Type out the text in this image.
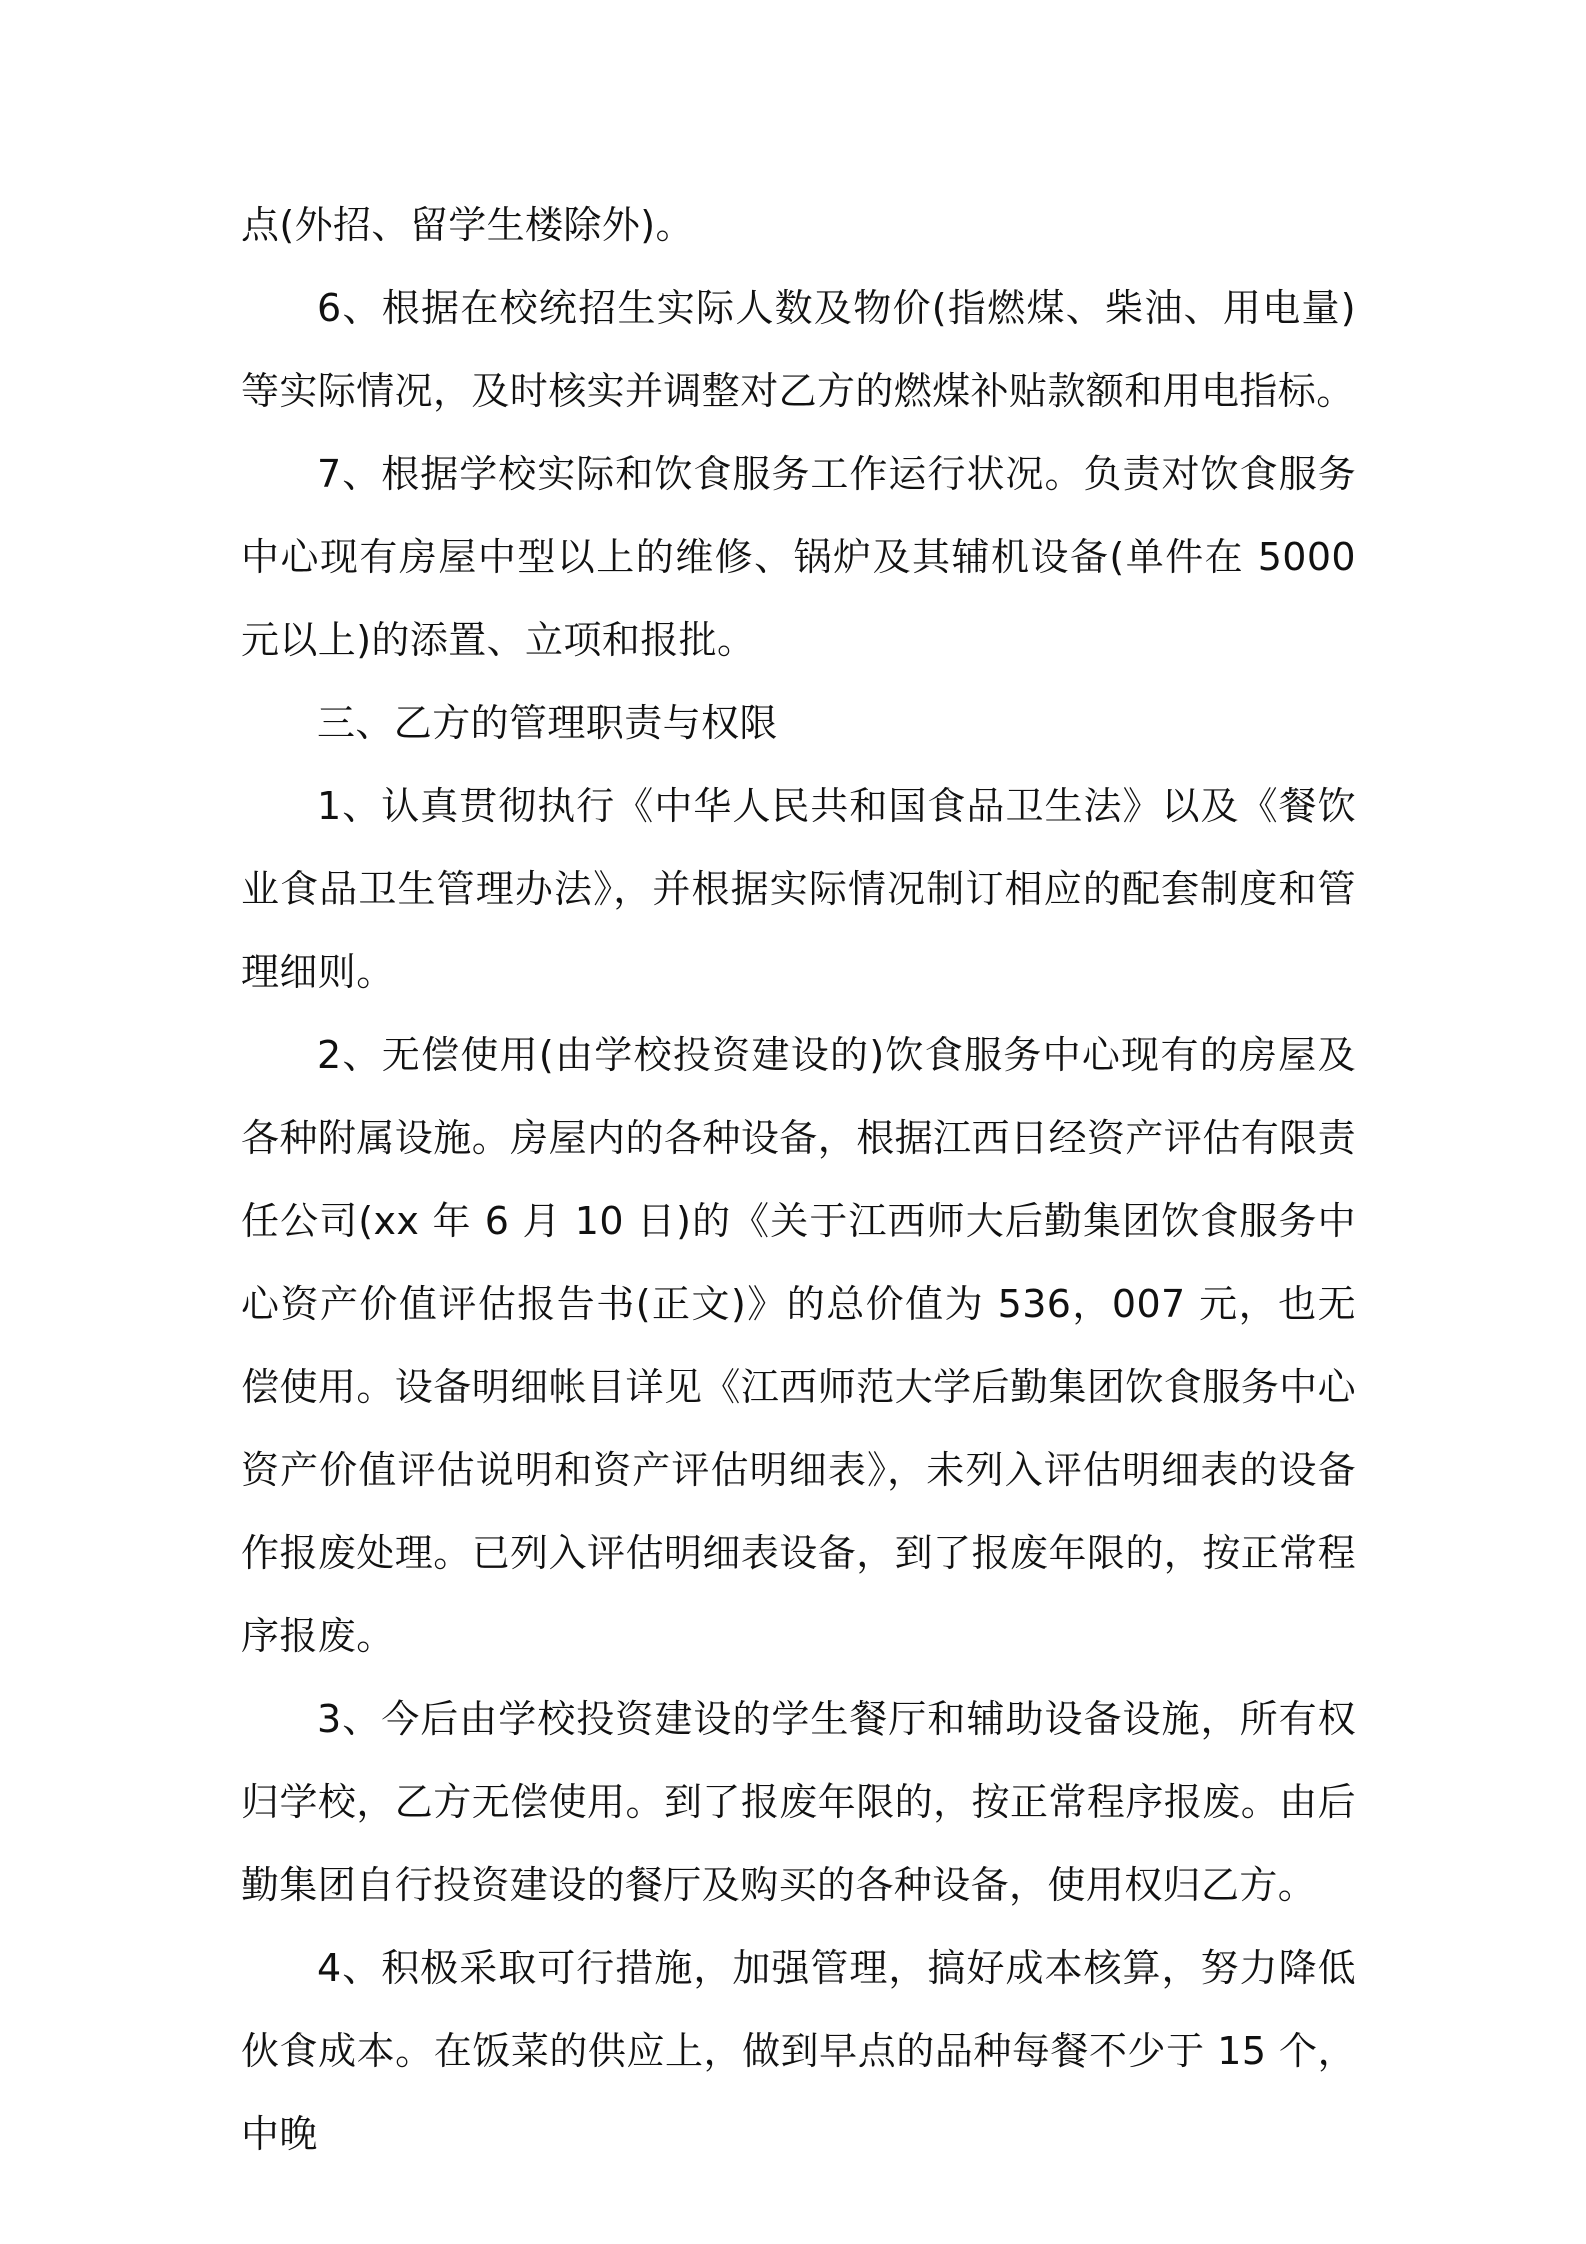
点(外招、留学生楼除外)。

6、根据在校统招生实际人数及物价(指燃煤、柴油、用电量)等实际情况，及时核实并调整对乙方的燃煤补贴款额和用电指标。

7、根据学校实际和饮食服务工作运行状况。负责对饮食服务中心现有房屋中型以上的维修、锅炉及其辅机设备(单件在 5000 元以上)的添置、立项和报批。

三、乙方的管理职责与权限

1、认真贯彻执行《中华人民共和国食品卫生法》以及《餐饮业食品卫生管理办法》，并根据实际情况制订相应的配套制度和管理细则。

2、无偿使用(由学校投资建设的)饮食服务中心现有的房屋及各种附属设施。房屋内的各种设备，根据江西日经资产评估有限责任公司(xx 年 6 月 10 日)的《关于江西师大后勤集团饮食服务中心资产价值评估报告书(正文)》的总价值为 536，007 元，也无偿使用。设备明细帐目详见《江西师范大学后勤集团饮食服务中心资产价值评估说明和资产评估明细表》，未列入评估明细表的设备作报废处理。已列入评估明细表设备，到了报废年限的，按正常程序报废。

3、今后由学校投资建设的学生餐厅和辅助设备设施，所有权归学校，乙方无偿使用。到了报废年限的，按正常程序报废。由后勤集团自行投资建设的餐厅及购买的各种设备，使用权归乙方。

4、积极采取可行措施，加强管理，搞好成本核算，努力降低伙食成本。在饭菜的供应上，做到早点的品种每餐不少于 15 个，中晚
